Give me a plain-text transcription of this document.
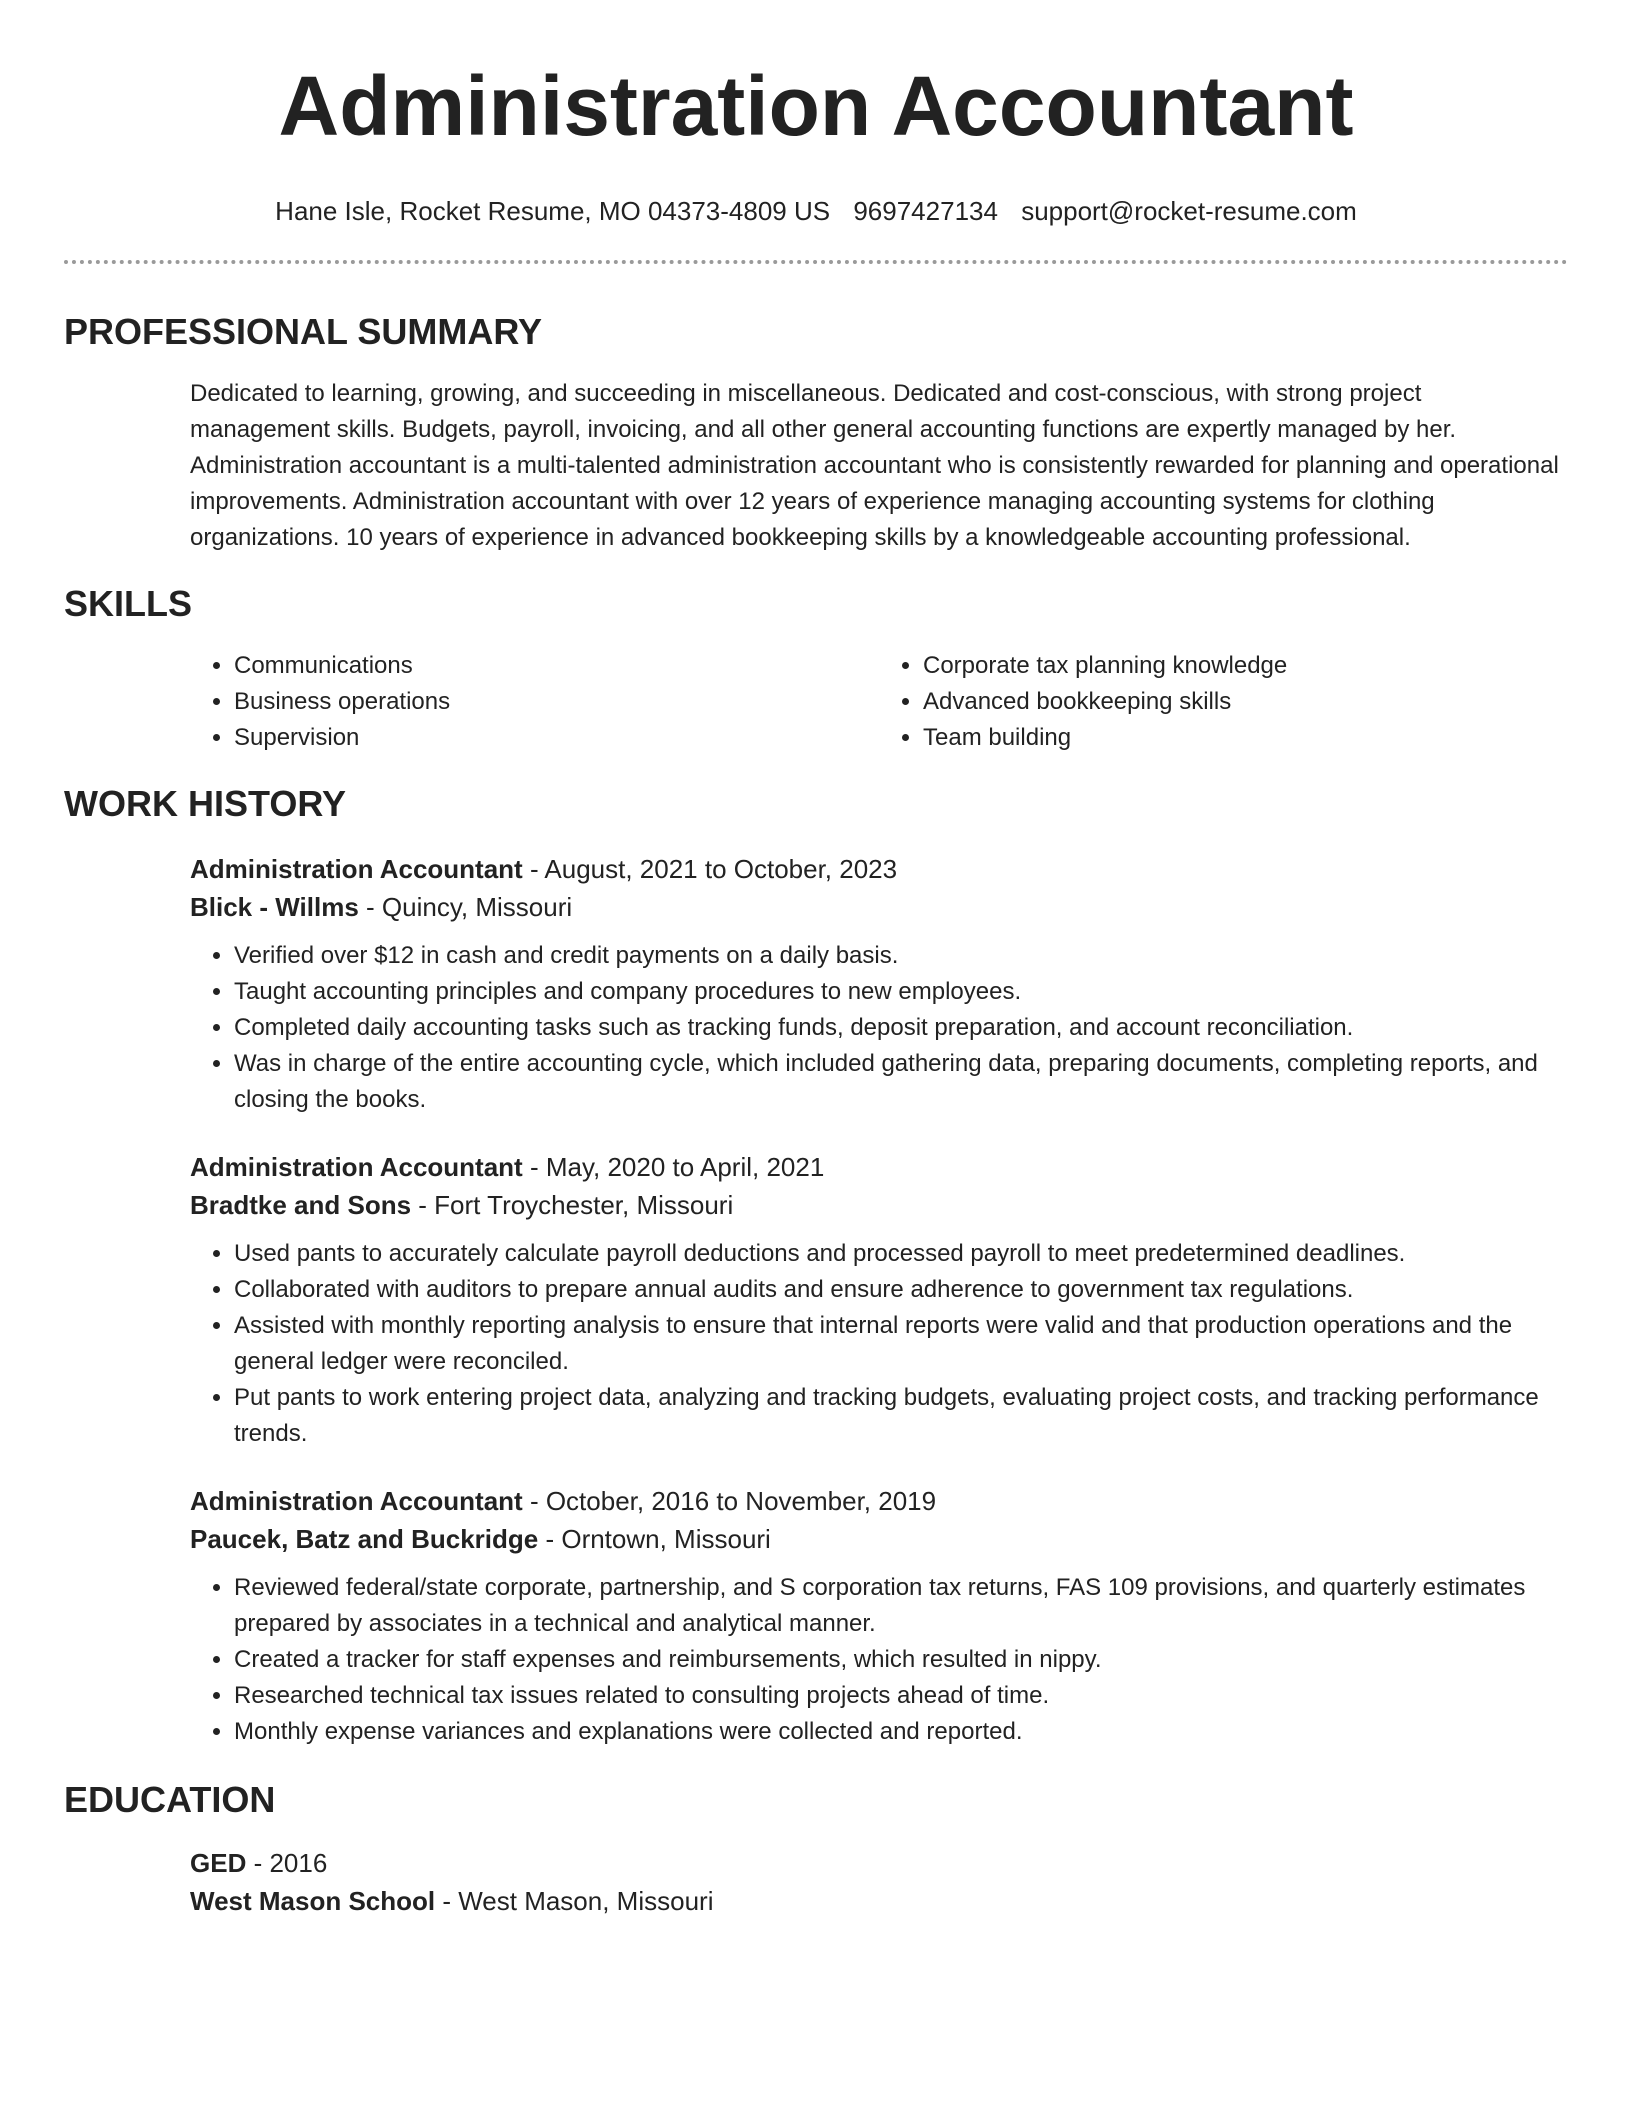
Administration Accountant
Hane Isle, Rocket Resume, MO 04373-4809 US 9697427134 support@rocket-resume.com
PROFESSIONAL SUMMARY
Dedicated to learning, growing, and succeeding in miscellaneous. Dedicated and cost-conscious, with strong project management skills. Budgets, payroll, invoicing, and all other general accounting functions are expertly managed by her. Administration accountant is a multi-talented administration accountant who is consistently rewarded for planning and operational improvements. Administration accountant with over 12 years of experience managing accounting systems for clothing organizations. 10 years of experience in advanced bookkeeping skills by a knowledgeable accounting professional.
SKILLS
• Communications
• Business operations
• Supervision
• Corporate tax planning knowledge
• Advanced bookkeeping skills
• Team building
WORK HISTORY
Administration Accountant - August, 2021 to October, 2023
Blick - Willms - Quincy, Missouri
• Verified over $12 in cash and credit payments on a daily basis.
• Taught accounting principles and company procedures to new employees.
• Completed daily accounting tasks such as tracking funds, deposit preparation, and account reconciliation.
• Was in charge of the entire accounting cycle, which included gathering data, preparing documents, completing reports, and closing the books.
Administration Accountant - May, 2020 to April, 2021
Bradtke and Sons - Fort Troychester, Missouri
• Used pants to accurately calculate payroll deductions and processed payroll to meet predetermined deadlines.
• Collaborated with auditors to prepare annual audits and ensure adherence to government tax regulations.
• Assisted with monthly reporting analysis to ensure that internal reports were valid and that production operations and the general ledger were reconciled.
• Put pants to work entering project data, analyzing and tracking budgets, evaluating project costs, and tracking performance trends.
Administration Accountant - October, 2016 to November, 2019
Paucek, Batz and Buckridge - Orntown, Missouri
• Reviewed federal/state corporate, partnership, and S corporation tax returns, FAS 109 provisions, and quarterly estimates prepared by associates in a technical and analytical manner.
• Created a tracker for staff expenses and reimbursements, which resulted in nippy.
• Researched technical tax issues related to consulting projects ahead of time.
• Monthly expense variances and explanations were collected and reported.
EDUCATION
GED - 2016
West Mason School - West Mason, Missouri
